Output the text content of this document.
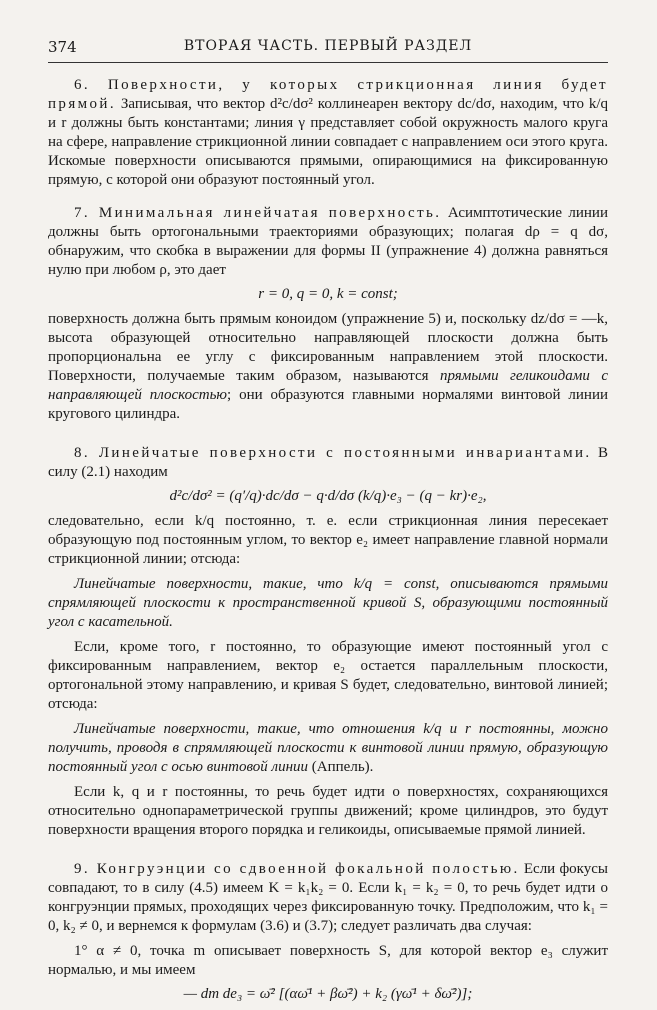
374	ВТОРАЯ ЧАСТЬ. ПЕРВЫЙ РАЗДЕЛ

6. Поверхности, у которых стрикционная линия будет прямой. Записывая, что вектор d²c/dσ² коллинеарен вектору dc/dσ, находим, что k/q и r должны быть константами; линия γ представляет собой окружность малого круга на сфере, направление стрикционной линии совпадает с направлением оси этого круга. Искомые поверхности описываются прямыми, опирающимися на фиксированную прямую, с которой они образуют постоянный угол.

7. Минимальная линейчатая поверхность. Асимптотические линии должны быть ортогональными траекториями образующих; полагая dρ = q dσ, обнаружим, что скобка в выражении для формы II (упражнение 4) должна равняться нулю при любом ρ, это дает

r = 0, q = 0, k = const;

поверхность должна быть прямым коноидом (упражнение 5) и, поскольку dz/dσ = —k, высота образующей относительно направляющей плоскости должна быть пропорциональна ее углу с фиксированным направлением этой плоскости. Поверхности, получаемые таким образом, называются прямыми геликоидами с направляющей плоскостью; они образуются главными нормалями винтовой линии кругового цилиндра.

8. Линейчатые поверхности с постоянными инвариантами. В силу (2.1) находим

d²c/dσ² = (q′/q)·dc/dσ − q·d/dσ (k/q)·e₃ − (q − kr)·e₂,

следовательно, если k/q постоянно, т. е. если стрикционная линия пересекает образующую под постоянным углом, то вектор e₂ имеет направление главной нормали стрикционной линии; отсюда:

Линейчатые поверхности, такие, что k/q = const, описываются прямыми спрямляющей плоскости к пространственной кривой S, образующими постоянный угол с касательной.

Если, кроме того, r постоянно, то образующие имеют постоянный угол с фиксированным направлением, вектор e₂ остается параллельным плоскости, ортогональной этому направлению, и кривая S будет, следовательно, винтовой линией; отсюда:

Линейчатые поверхности, такие, что отношения k/q и r постоянны, можно получить, проводя в спрямляющей плоскости к винтовой линии прямую, образующую постоянный угол с осью винтовой линии (Аппель).

Если k, q и r постоянны, то речь будет идти о поверхностях, сохраняющихся относительно однопараметрической группы движений; кроме цилиндров, это будут поверхности вращения второго порядка и геликоиды, описываемые прямой линией.

9. Конгруэнции со сдвоенной фокальной полостью. Если фокусы совпадают, то в силу (4.5) имеем K = k₁k₂ = 0. Если k₁ = k₂ = 0, то речь будет идти о конгруэнции прямых, проходящих через фиксированную точку. Предположим, что k₁ = 0, k₂ ≠ 0, и вернемся к формулам (3.6) и (3.7); следует различать два случая:

1° α ≠ 0, точка m описывает поверхность S, для которой вектор e₃ служит нормалью, и мы имеем

— dm de₃ = ω̄² [(αω̄¹ + βω̄²) + k₂ (γω̄¹ + δω̄²)];
